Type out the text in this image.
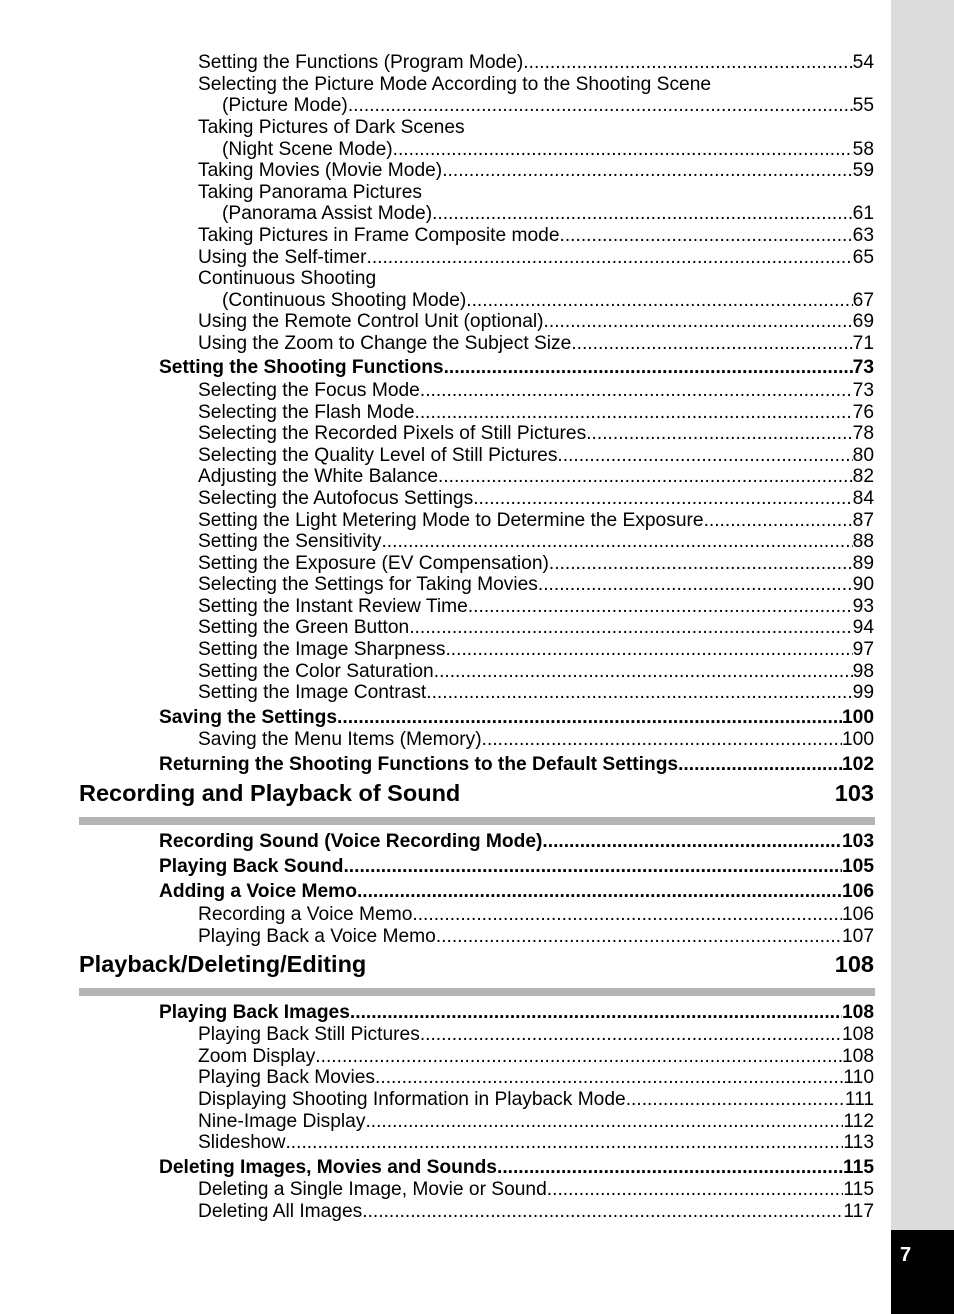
7
Setting the Functions (Program Mode) .....	54
Selecting the Picture Mode According to the Shooting Scene
(Picture Mode) .....	55
Taking Pictures of Dark Scenes
(Night Scene Mode) .....	58
Taking Movies (Movie Mode) .....	59
Taking Panorama Pictures
(Panorama Assist Mode) .....	61
Taking Pictures in Frame Composite mode .....	63
Using the Self-timer .....	65
Continuous Shooting
(Continuous Shooting Mode) .....	67
Using the Remote Control Unit (optional) .....	69
Using the Zoom to Change the Subject Size .....	71
Setting the Shooting Functions .....	73
Selecting the Focus Mode .....	73
Selecting the Flash Mode .....	76
Selecting the Recorded Pixels of Still Pictures .....	78
Selecting the Quality Level of Still Pictures .....	80
Adjusting the White Balance .....	82
Selecting the Autofocus Settings .....	84
Setting the Light Metering Mode to Determine the Exposure .....	87
Setting the Sensitivity .....	88
Setting the Exposure (EV Compensation) .....	89
Selecting the Settings for Taking Movies .....	90
Setting the Instant Review Time .....	93
Setting the Green Button .....	94
Setting the Image Sharpness .....	97
Setting the Color Saturation .....	98
Setting the Image Contrast .....	99
Saving the Settings .....	100
Saving the Menu Items (Memory) .....	100
Returning the Shooting Functions to the Default Settings .....	102
Recording and Playback of Sound	103
Recording Sound (Voice Recording Mode) .....	103
Playing Back Sound .....	105
Adding a Voice Memo .....	106
Recording a Voice Memo .....	106
Playing Back a Voice Memo .....	107
Playback/Deleting/Editing	108
Playing Back Images .....	108
Playing Back Still Pictures .....	108
Zoom Display .....	108
Playing Back Movies .....	110
Displaying Shooting Information in Playback Mode .....	111
Nine-Image Display .....	112
Slideshow .....	113
Deleting Images, Movies and Sounds .....	115
Deleting a Single Image, Movie or Sound .....	115
Deleting All Images .....	117
